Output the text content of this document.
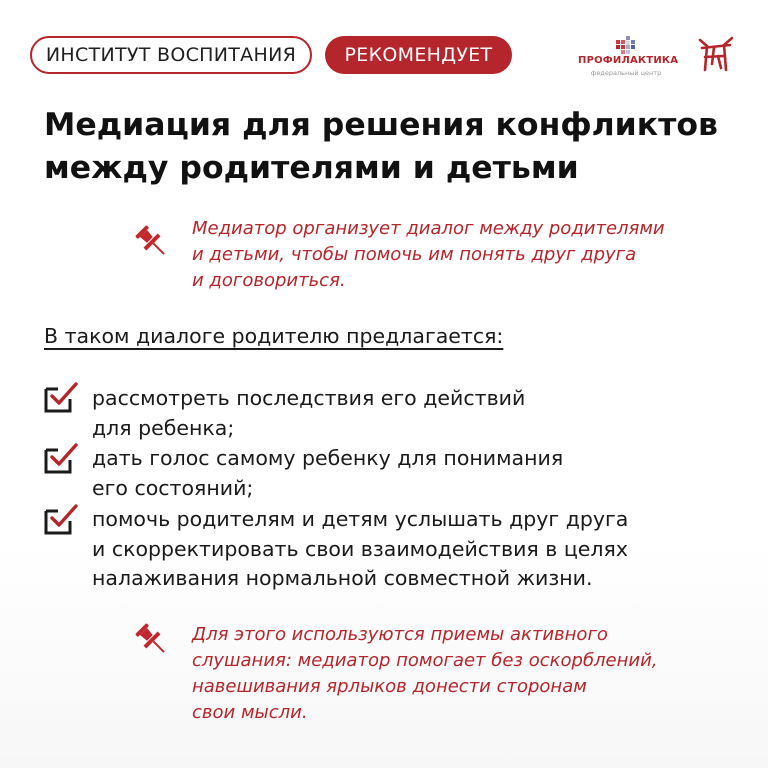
ИНСТИТУТ ВОСПИТАНИЯ	РЕКОМЕНДУЕТ	ПРОФИЛАКТИКА
федеральный центр
Медиация для решения конфликтов
между родителями и детьми
Медиатор организует диалог между родителями
и детьми, чтобы помочь им понять друг друга
и договориться.
В таком диалоге родителю предлагается:
рассмотреть последствия его действий
для ребенка;
дать голос самому ребенку для понимания
его состояний;
помочь родителям и детям услышать друг друга
и скорректировать свои взаимодействия в целях
налаживания нормальной совместной жизни.
Для этого используются приемы активного
слушания: медиатор помогает без оскорблений,
навешивания ярлыков донести сторонам
свои мысли.
